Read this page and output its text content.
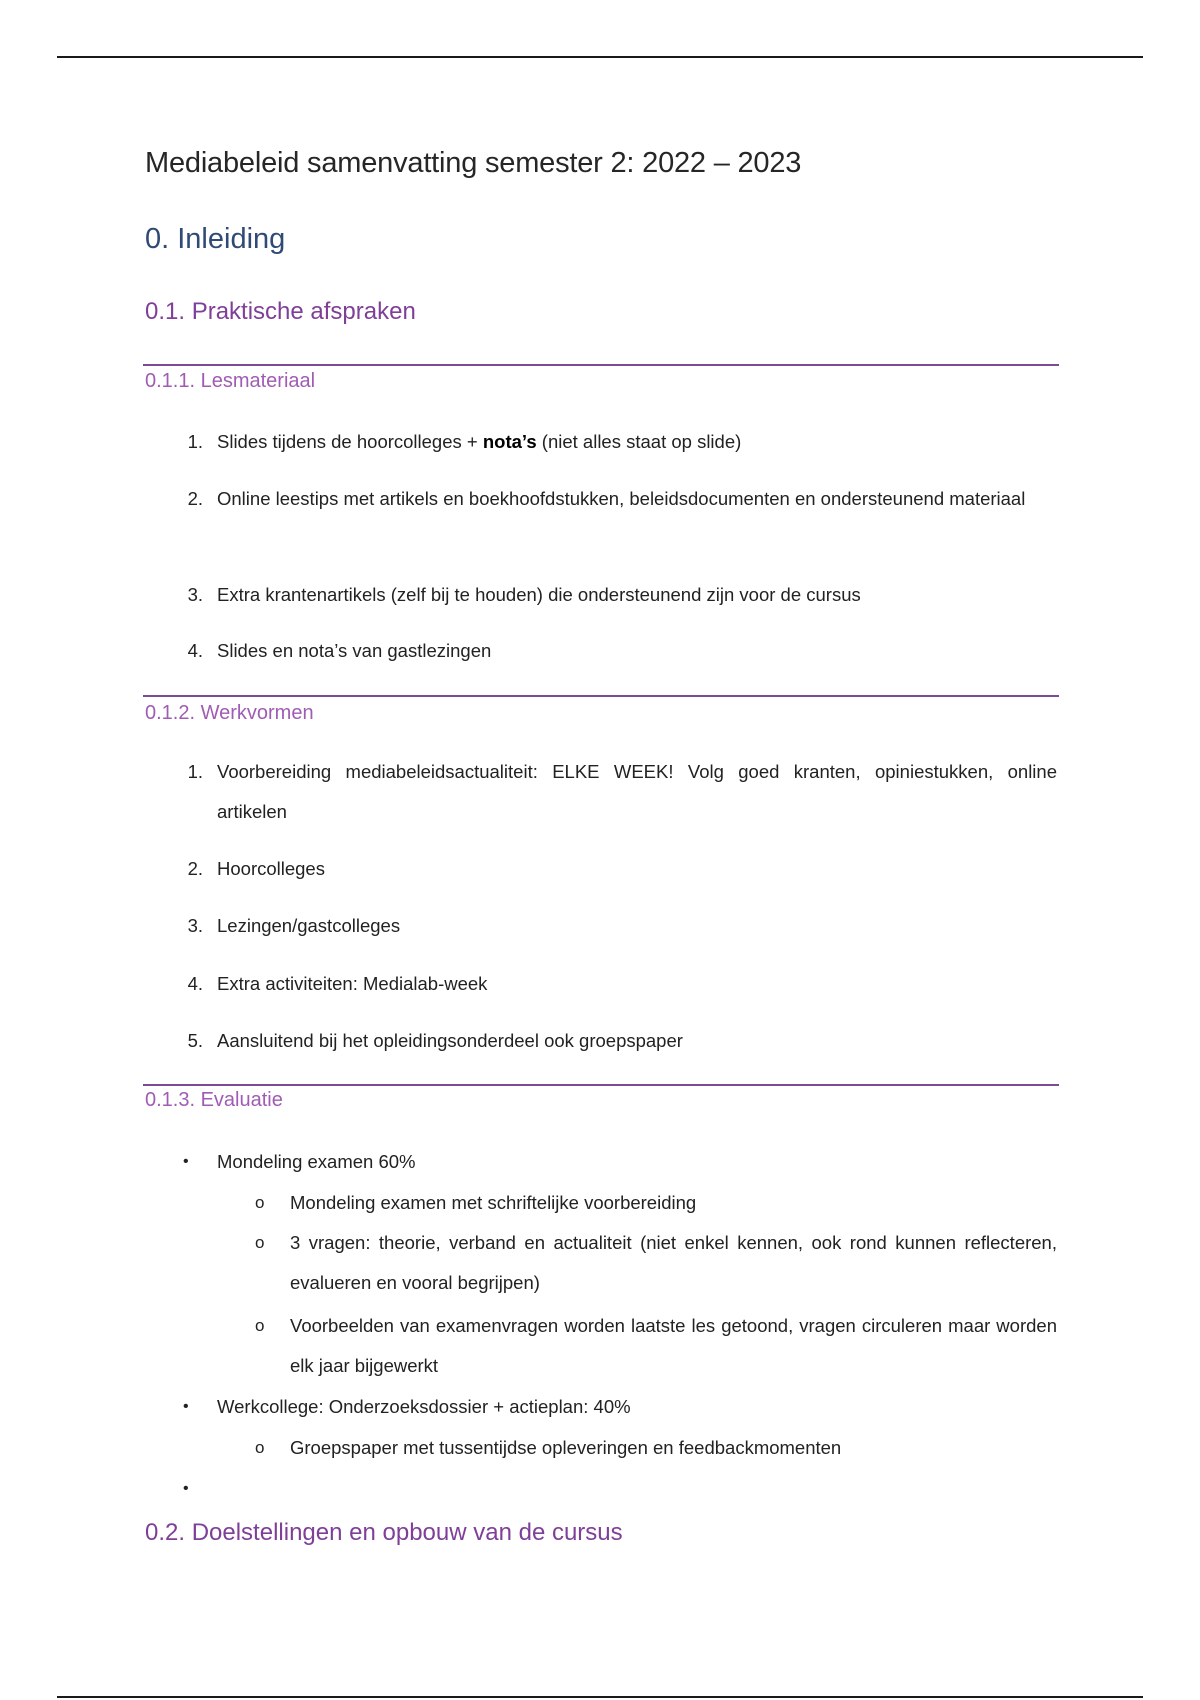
Mediabeleid samenvatting semester 2: 2022 – 2023
0. Inleiding
0.1. Praktische afspraken
0.1.1. Lesmateriaal
1. Slides tijdens de hoorcolleges + nota’s (niet alles staat op slide)
2. Online leestips met artikels en boekhoofdstukken, beleidsdocumenten en ondersteunend materiaal
3. Extra krantenartikels (zelf bij te houden) die ondersteunend zijn voor de cursus
4. Slides en nota’s van gastlezingen
0.1.2. Werkvormen
1. Voorbereiding mediabeleidsactualiteit: ELKE WEEK! Volg goed kranten, opiniestukken, online artikelen
2. Hoorcolleges
3. Lezingen/gastcolleges
4. Extra activiteiten: Medialab-week
5. Aansluitend bij het opleidingsonderdeel ook groepspaper
0.1.3. Evaluatie
• Mondeling examen 60%
o Mondeling examen met schriftelijke voorbereiding
o 3 vragen: theorie, verband en actualiteit (niet enkel kennen, ook rond kunnen reflecteren, evalueren en vooral begrijpen)
o Voorbeelden van examenvragen worden laatste les getoond, vragen circuleren maar worden elk jaar bijgewerkt
• Werkcollege: Onderzoeksdossier + actieplan: 40%
o Groepspaper met tussentijdse opleveringen en feedbackmomenten
•
0.2. Doelstellingen en opbouw van de cursus
